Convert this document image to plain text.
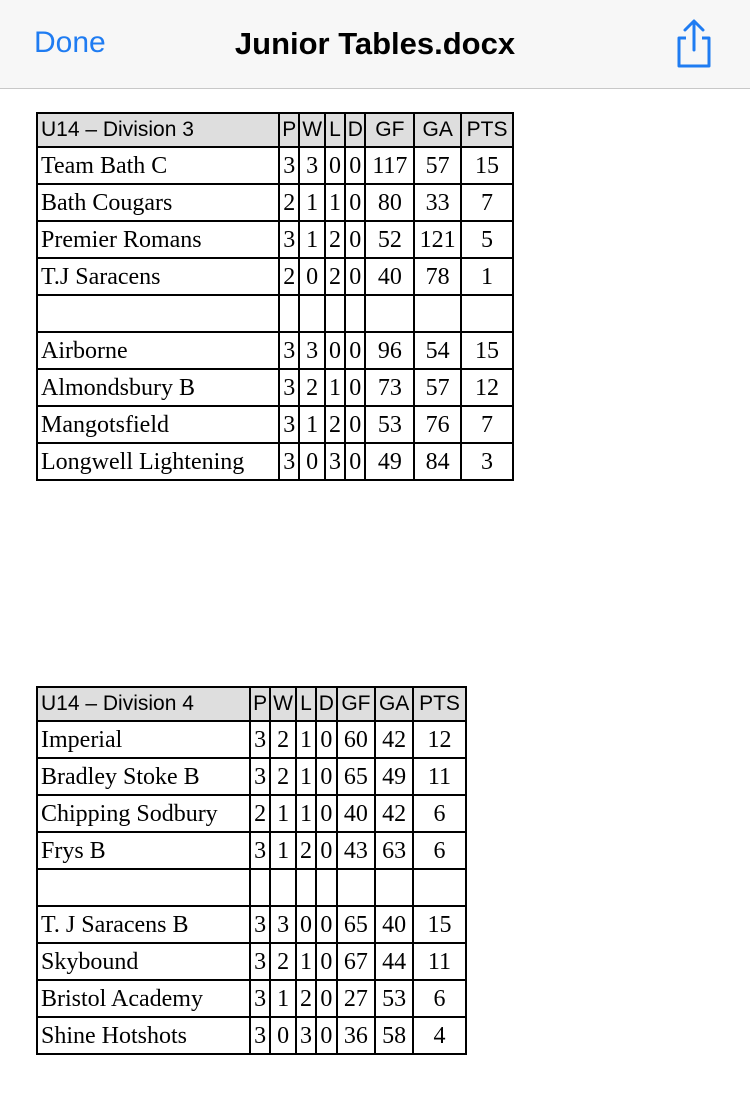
Done	Junior Tables.docx
U14 – Division 3	P	W	L	D	GF	GA	PTS
Team Bath C	3	3	0	0	117	57	15
Bath Cougars	2	1	1	0	80	33	7
Premier Romans	3	1	2	0	52	121	5
T.J Saracens	2	0	2	0	40	78	1

Airborne	3	3	0	0	96	54	15
Almondsbury B	3	2	1	0	73	57	12
Mangotsfield	3	1	2	0	53	76	7
Longwell Lightening	3	0	3	0	49	84	3
U14 – Division 4	P	W	L	D	GF	GA	PTS
Imperial	3	2	1	0	60	42	12
Bradley Stoke B	3	2	1	0	65	49	11
Chipping Sodbury	2	1	1	0	40	42	6
Frys B	3	1	2	0	43	63	6

T. J Saracens B	3	3	0	0	65	40	15
Skybound	3	2	1	0	67	44	11
Bristol Academy	3	1	2	0	27	53	6
Shine Hotshots	3	0	3	0	36	58	4
